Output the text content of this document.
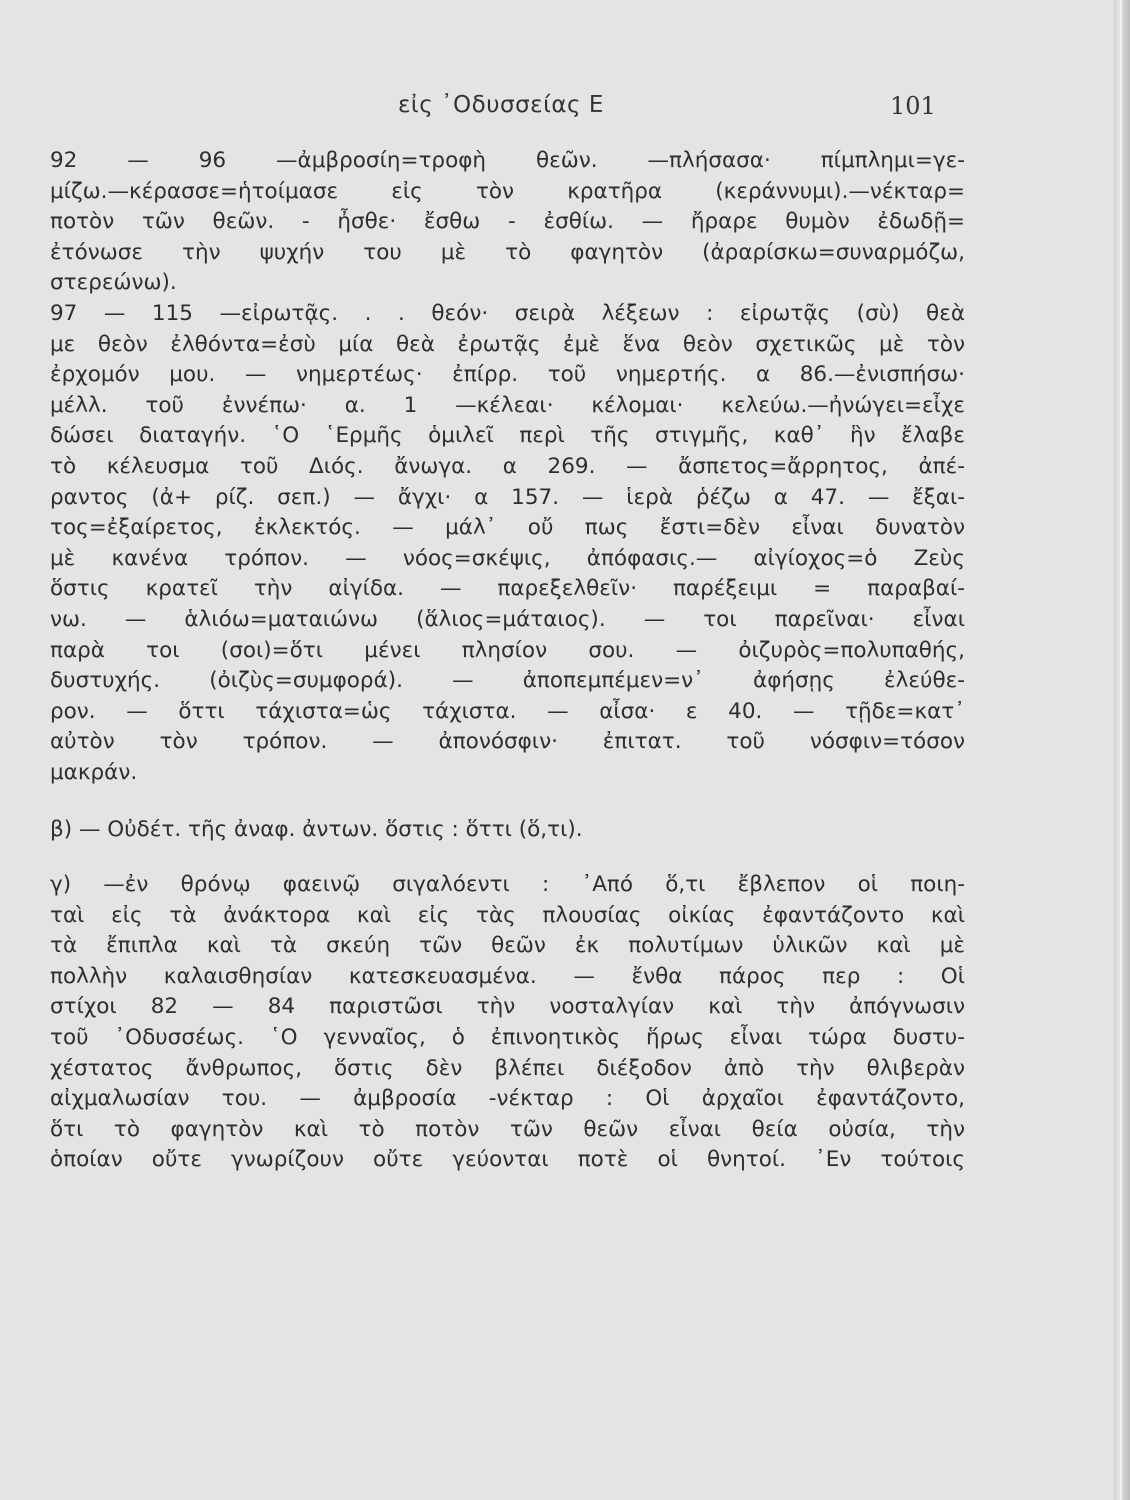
εἰς ᾿Οδυσσείας Ε	101
92 — 96 —ἀμβροσίη=τροφὴ θεῶν. —πλήσασα· πίμπλημι=γε-
μίζω.—κέρασσε=ἡτοίμασε εἰς τὸν κρατῆρα (κεράννυμι).—νέκταρ=
ποτὸν τῶν θεῶν. - ἦσθε· ἔσθω - ἐσθίω. — ἤραρε θυμὸν ἐδωδῇ=
ἐτόνωσε τὴν ψυχήν του μὲ τὸ φαγητὸν (ἀραρίσκω=συναρμόζω,
στερεώνω).
97 — 115 —εἰρωτᾷς. . . θεόν· σειρὰ λέξεων : εἰρωτᾷς (σὺ) θεὰ
με θεὸν ἐλθόντα=ἐσὺ μία θεὰ ἐρωτᾷς ἐμὲ ἕνα θεὸν σχετικῶς μὲ τὸν
ἐρχομόν μου. — νημερτέως· ἐπίρρ. τοῦ νημερτής. α 86.—ἐνισπήσω·
μέλλ. τοῦ ἐννέπω· α. 1 —κέλεαι· κέλομαι· κελεύω.—ἠνώγει=εἶχε
δώσει διαταγήν. ῾Ο ῾Ερμῆς ὁμιλεῖ περὶ τῆς στιγμῆς, καθ᾿ ἣν ἔλαβε
τὸ κέλευσμα τοῦ Διός. ἄνωγα. α 269. — ἄσπετος=ἄρρητος, ἀπέ-
ραντος (ἀ+ ρίζ. σεπ.) — ἄγχι· α 157. — ἱερὰ ῥέζω α 47. — ἔξαι-
τος=ἐξαίρετος, ἐκλεκτός. — μάλ᾿ οὔ πως ἔστι=δὲν εἶναι δυνατὸν
μὲ κανένα τρόπον. — νόος=σκέψις, ἀπόφασις.— αἰγίοχος=ὁ Ζεὺς
ὅστις κρατεῖ τὴν αἰγίδα. — παρεξελθεῖν· παρέξειμι = παραβαί-
νω. — ἁλιόω=ματαιώνω (ἅλιος=μάταιος). — τοι παρεῖναι· εἶναι
παρὰ τοι (σοι)=ὅτι μένει πλησίον σου. — ὀιζυρὸς=πολυπαθής,
δυστυχής. (ὀιζὺς=συμφορά). — ἀποπεμπέμεν=ν᾿ ἀφήσῃς ἐλεύθε-
ρον. — ὅττι τάχιστα=ὡς τάχιστα. — αἶσα· ε 40. — τῇδε=κατ᾿
αὐτὸν τὸν τρόπον. — ἀπονόσφιν· ἐπιτατ. τοῦ νόσφιν=τόσον
μακράν.
β) — Οὐδέτ. τῆς ἀναφ. ἀντων. ὅστις : ὅττι (ὅ,τι).
γ) —ἐν θρόνῳ φαεινῷ σιγαλόεντι : ᾿Από ὅ,τι ἔβλεπον οἱ ποιη-
ταὶ εἰς τὰ ἀνάκτορα καὶ εἰς τὰς πλουσίας οἰκίας ἐφαντάζοντο καὶ
τὰ ἔπιπλα καὶ τὰ σκεύη τῶν θεῶν ἐκ πολυτίμων ὑλικῶν καὶ μὲ
πολλὴν καλαισθησίαν κατεσκευασμένα. — ἔνθα πάρος περ : Οἱ
στίχοι 82 — 84 παριστῶσι τὴν νοσταλγίαν καὶ τὴν ἀπόγνωσιν
τοῦ ᾿Οδυσσέως. ῾Ο γενναῖος, ὁ ἐπινοητικὸς ἥρως εἶναι τώρα δυστυ-
χέστατος ἄνθρωπος, ὅστις δὲν βλέπει διέξοδον ἀπὸ τὴν θλιβερὰν
αἰχμαλωσίαν του. — ἀμβροσία -νέκταρ : Οἱ ἀρχαῖοι ἐφαντάζοντο,
ὅτι τὸ φαγητὸν καὶ τὸ ποτὸν τῶν θεῶν εἶναι θεία οὐσία, τὴν
ὁποίαν οὔτε γνωρίζουν οὔτε γεύονται ποτὲ οἱ θνητοί. ᾿Εν τούτοις
